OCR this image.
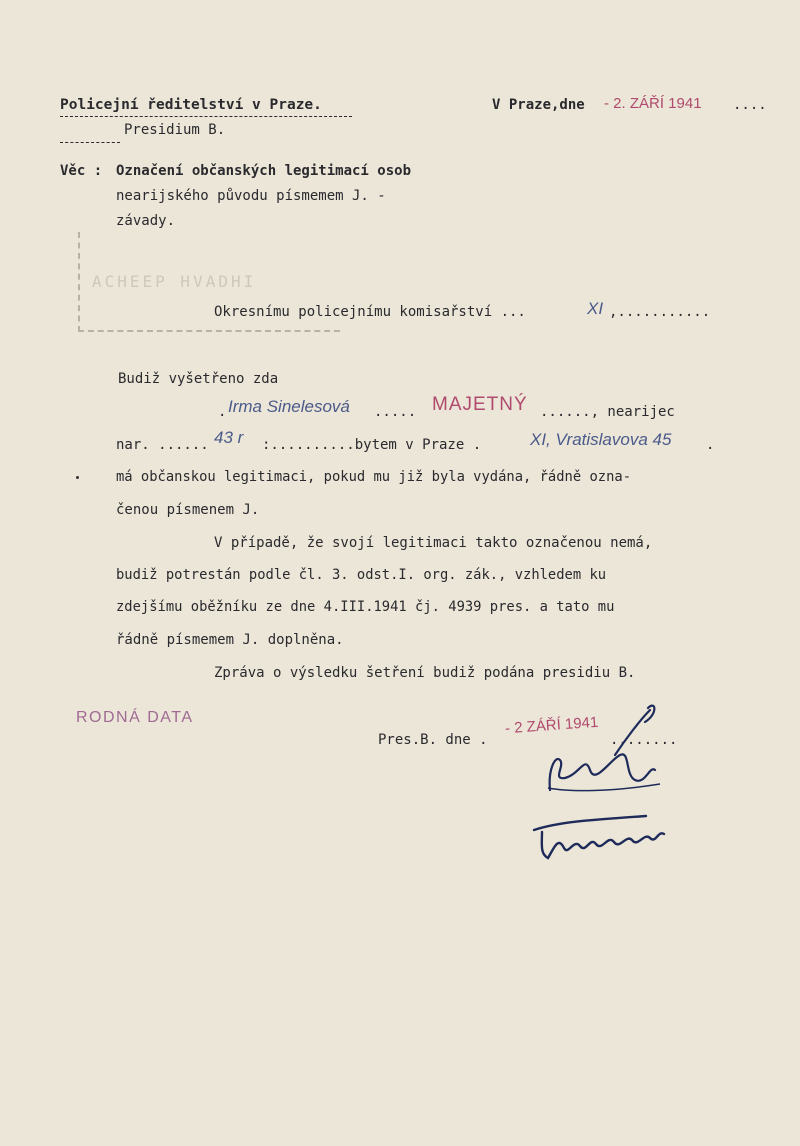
ACHEEP HVADHI
Policejní ředitelství v Praze.
Presidium B.
V Praze,dne - 2. ZÁŘÍ 1941 ....
Věc : Označení občanských legitimací osob
nearijského původu písmemem J. -
závady.
Okresnímu policejnímu komisařství ...	XI ,...........
Budiž vyšetřeno zda
. Irma Sinelesová ..... MAJETNÝ ......, nearijec
nar. ...... 43 r :..........bytem v Praze .	XI, Vratislavova 45 .
má občanskou legitimaci, pokud mu již byla vydána, řádně ozna-
čenou písmenem J.
V případě, že svojí legitimaci takto označenou nemá,
budiž potrestán podle čl. 3. odst.I. org. zák., vzhledem ku
zdejšímu oběžníku ze dne 4.III.1941 čj. 4939 pres. a tato mu
řádně písmemem J. doplněna.
Zpráva o výsledku šetření budiž podána presidiu B.
RODNÁ DATA
Pres.B. dne .
- 2 ZÁŘÍ 1941
........
